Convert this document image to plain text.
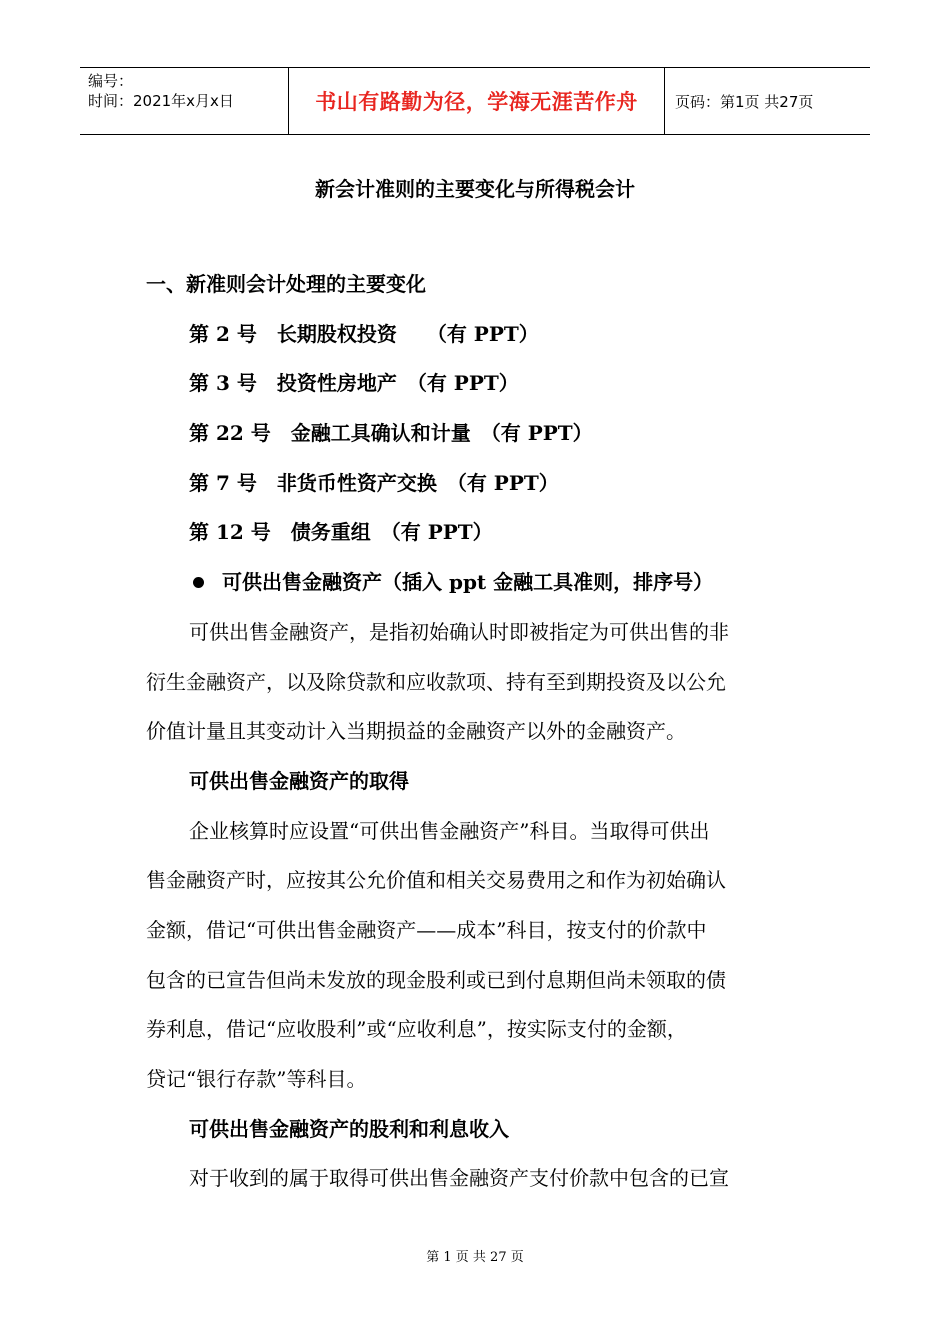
编号：
时间：2021年x月x日	书山有路勤为径，学海无涯苦作舟	页码：第1页 共27页
新会计准则的主要变化与所得税会计
一、新准则会计处理的主要变化
第 2 号　长期股权投资　　（有 PPT）
第 3 号　投资性房地产　（有 PPT）
第 22 号　金融工具确认和计量　（有 PPT）
第 7 号　非货币性资产交换　（有 PPT）
第 12 号　债务重组　（有 PPT）
可供出售金融资产（插入 ppt 金融工具准则，排序号）
可供出售金融资产，是指初始确认时即被指定为可供出售的非
衍生金融资产，以及除贷款和应收款项、持有至到期投资及以公允
价值计量且其变动计入当期损益的金融资产以外的金融资产。
可供出售金融资产的取得
企业核算时应设置“可供出售金融资产”科目。当取得可供出
售金融资产时，应按其公允价值和相关交易费用之和作为初始确认
金额，借记“可供出售金融资产——成本”科目，按支付的价款中
包含的已宣告但尚未发放的现金股利或已到付息期但尚未领取的债
券利息，借记“应收股利”或“应收利息”，按实际支付的金额，
贷记“银行存款”等科目。
可供出售金融资产的股利和利息收入
对于收到的属于取得可供出售金融资产支付价款中包含的已宣
第 1 页 共 27 页
